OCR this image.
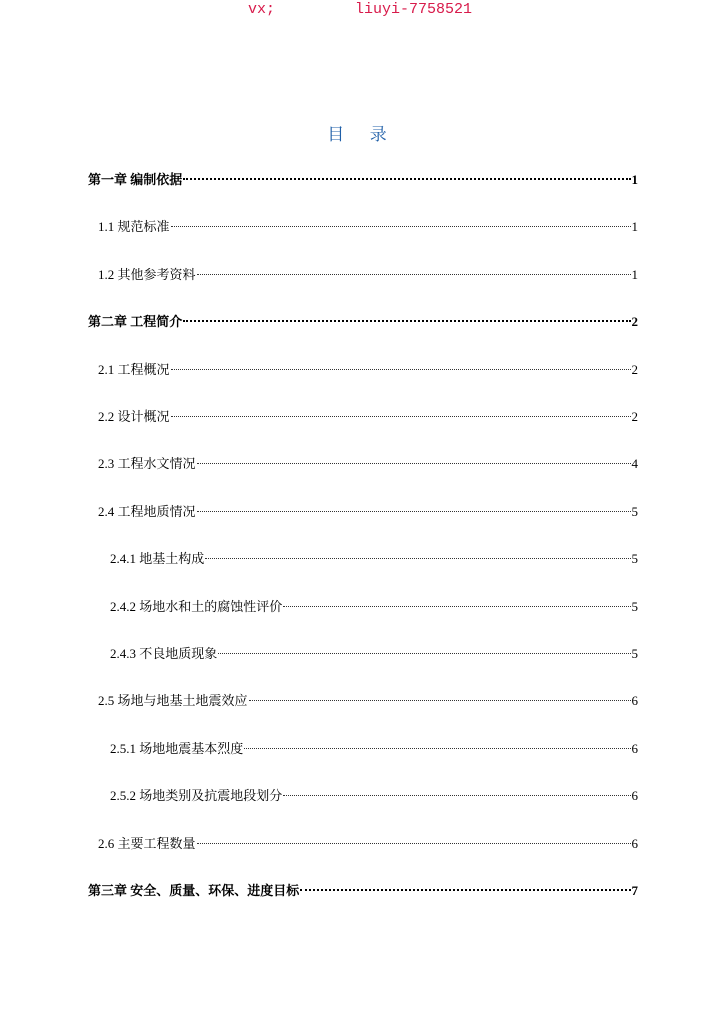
vx;	liuyi-7758521
目 录
第一章 编制依据	1
1.1 规范标准	1
1.2 其他参考资料	1
第二章 工程简介	2
2.1 工程概况	2
2.2 设计概况	2
2.3 工程水文情况	4
2.4 工程地质情况	5
2.4.1 地基土构成	5
2.4.2 场地水和土的腐蚀性评价	5
2.4.3 不良地质现象	5
2.5 场地与地基土地震效应	6
2.5.1 场地地震基本烈度	6
2.5.2 场地类别及抗震地段划分	6
2.6 主要工程数量	6
第三章 安全、质量、环保、进度目标	7
